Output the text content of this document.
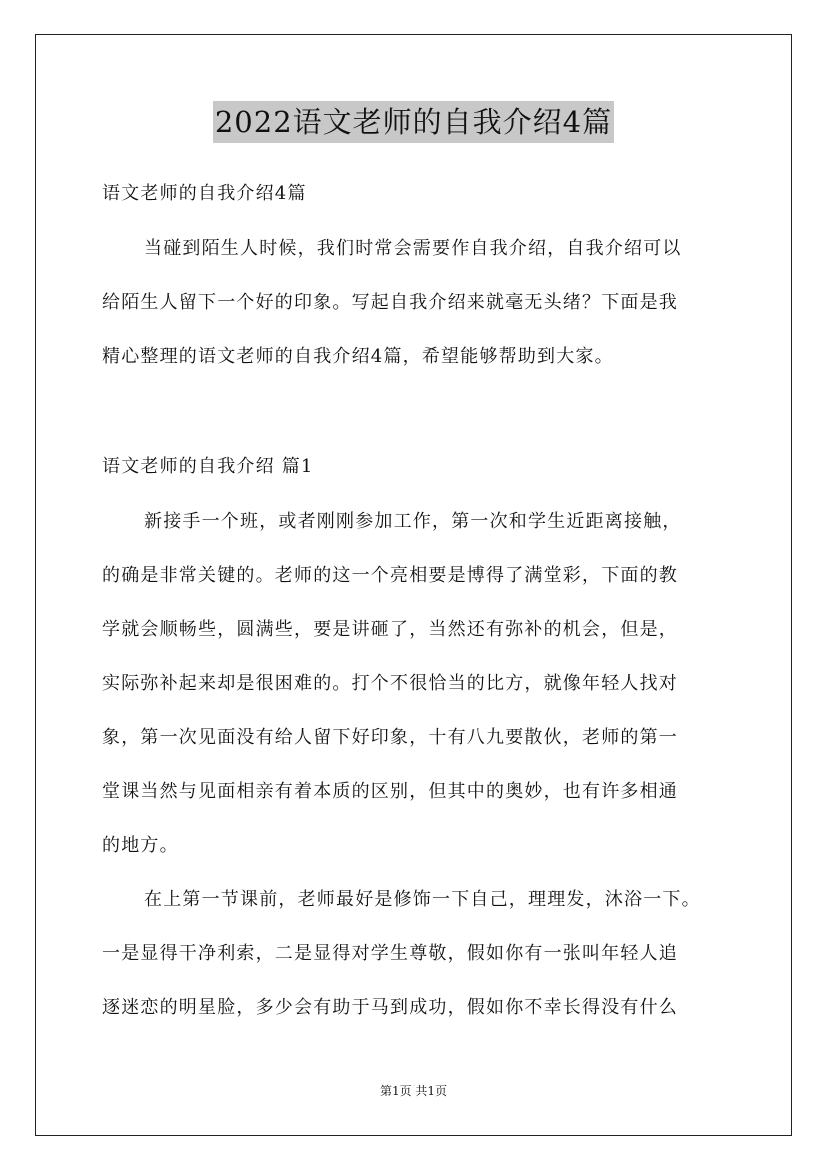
2022语文老师的自我介绍4篇
语文老师的自我介绍4篇
当碰到陌生人时候，我们时常会需要作自我介绍，自我介绍可以
给陌生人留下一个好的印象。写起自我介绍来就毫无头绪？下面是我
精心整理的语文老师的自我介绍4篇，希望能够帮助到大家。
语文老师的自我介绍 篇1
新接手一个班，或者刚刚参加工作，第一次和学生近距离接触，
的确是非常关键的。老师的这一个亮相要是博得了满堂彩，下面的教
学就会顺畅些，圆满些，要是讲砸了，当然还有弥补的机会，但是，
实际弥补起来却是很困难的。打个不很恰当的比方，就像年轻人找对
象，第一次见面没有给人留下好印象，十有八九要散伙，老师的第一
堂课当然与见面相亲有着本质的区别，但其中的奥妙，也有许多相通
的地方。
在上第一节课前，老师最好是修饰一下自己，理理发，沐浴一下。
一是显得干净利索，二是显得对学生尊敬，假如你有一张叫年轻人追
逐迷恋的明星脸，多少会有助于马到成功，假如你不幸长得没有什么
第1页 共1页
